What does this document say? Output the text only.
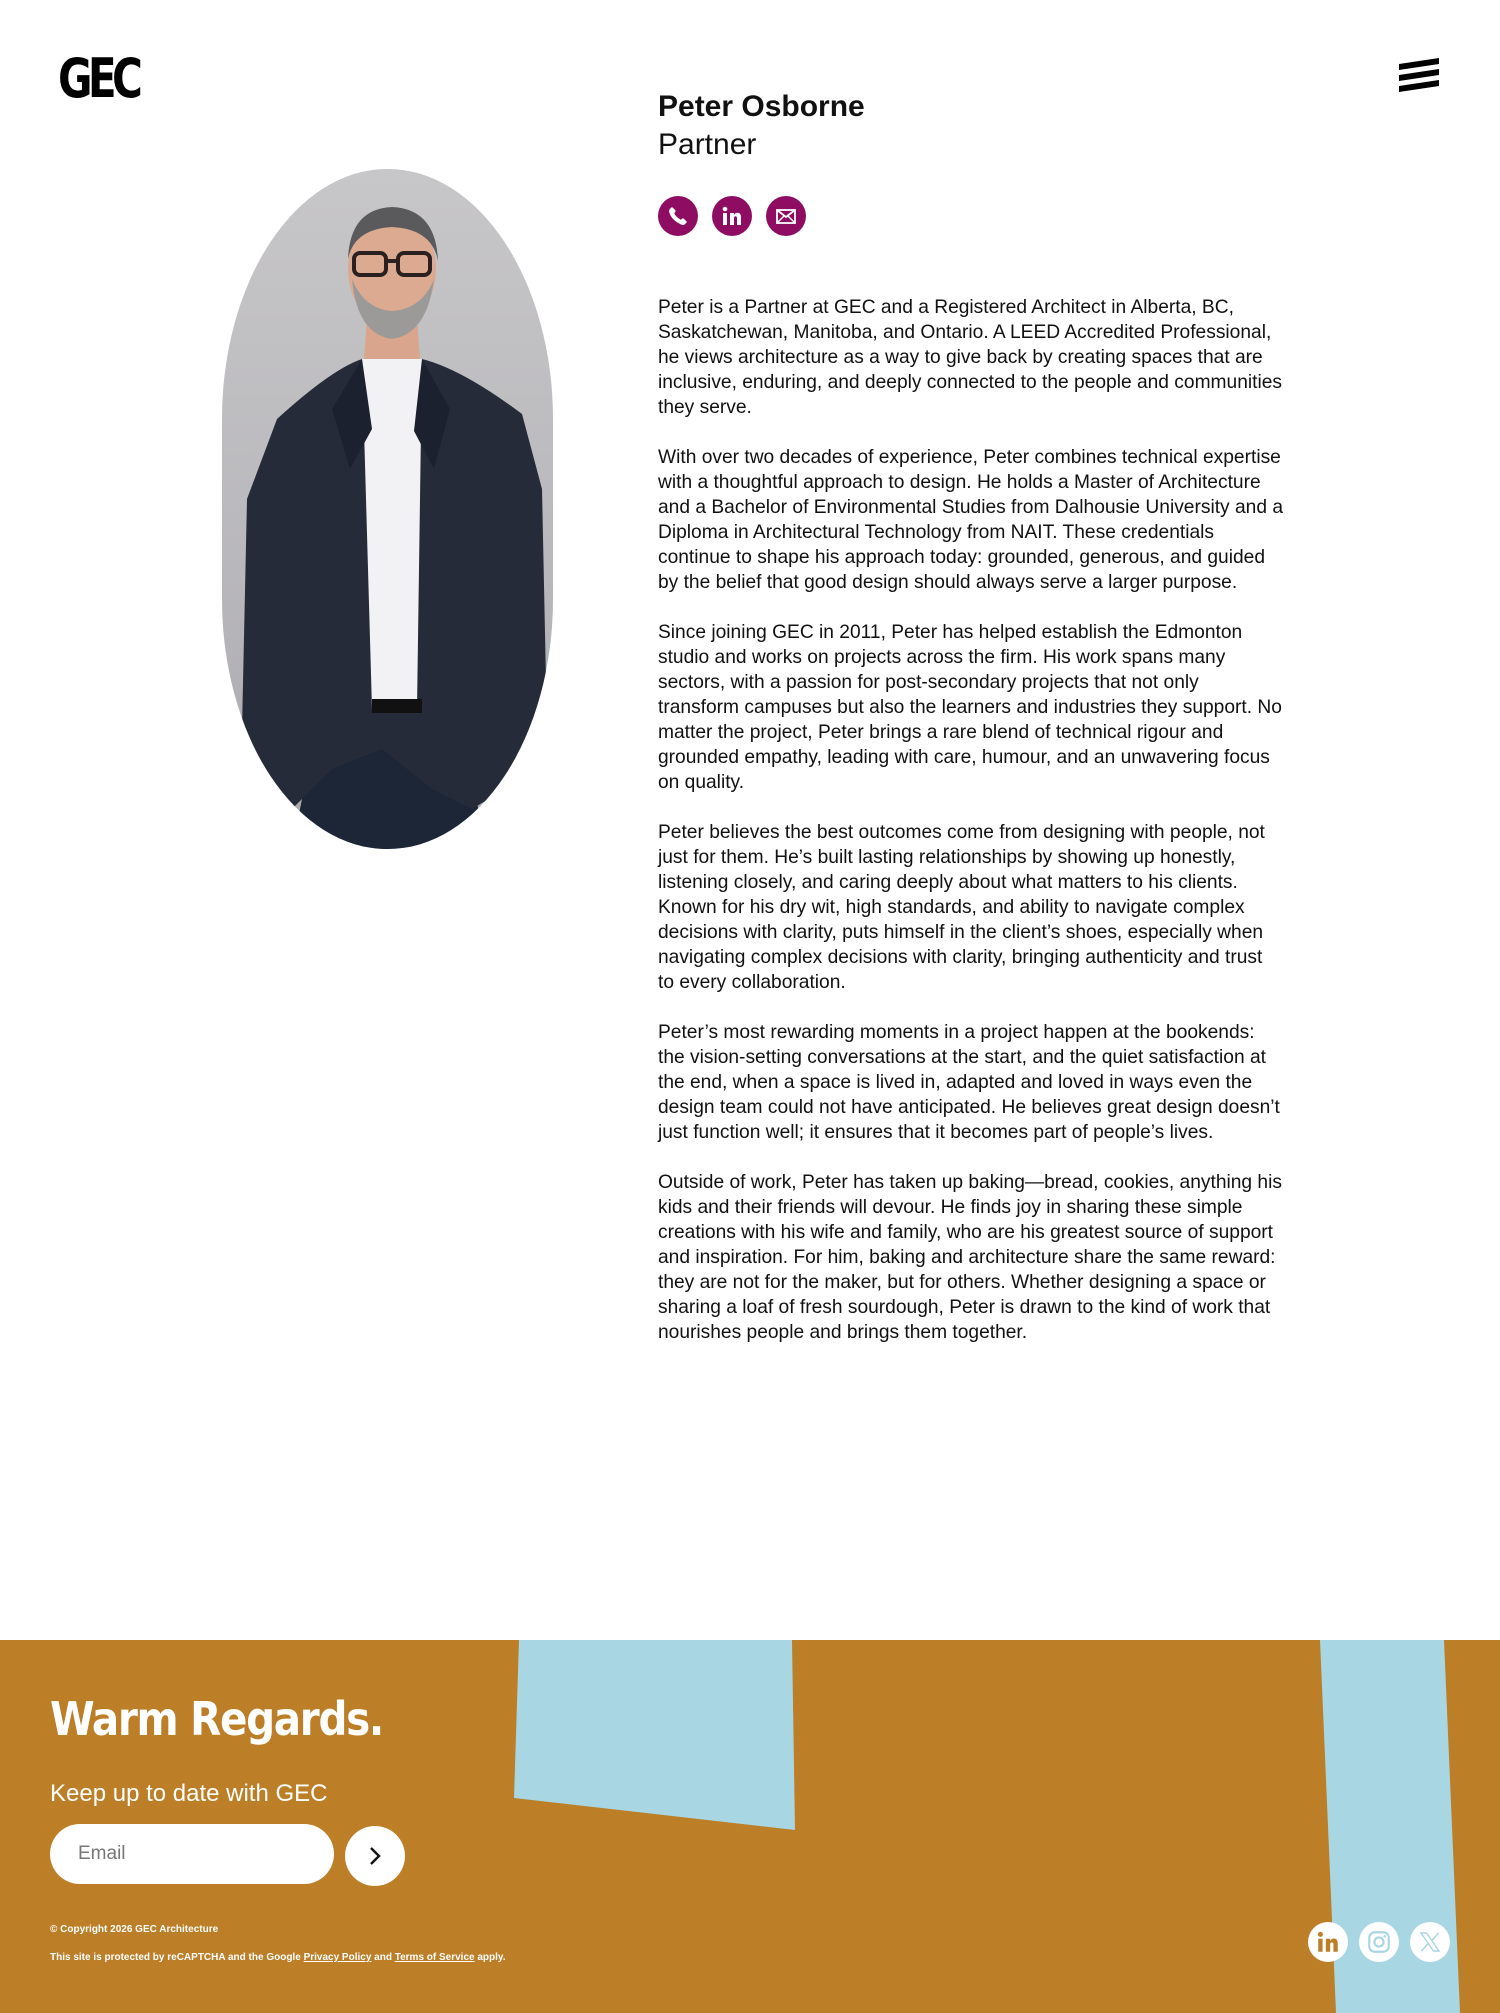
GEC	Peter Osborne
Partner

Peter is a Partner at GEC and a Registered Architect in Alberta, BC, Saskatchewan, Manitoba, and Ontario. A LEED Accredited Professional, he views architecture as a way to give back by creating spaces that are inclusive, enduring, and deeply connected to the people and communities they serve.

With over two decades of experience, Peter combines technical expertise with a thoughtful approach to design. He holds a Master of Architecture and a Bachelor of Environmental Studies from Dalhousie University and a Diploma in Architectural Technology from NAIT. These credentials continue to shape his approach today: grounded, generous, and guided by the belief that good design should always serve a larger purpose.

Since joining GEC in 2011, Peter has helped establish the Edmonton studio and works on projects across the firm. His work spans many sectors, with a passion for post-secondary projects that not only transform campuses but also the learners and industries they support. No matter the project, Peter brings a rare blend of technical rigour and grounded empathy, leading with care, humour, and an unwavering focus on quality.

Peter believes the best outcomes come from designing with people, not just for them. He’s built lasting relationships by showing up honestly, listening closely, and caring deeply about what matters to his clients. Known for his dry wit, high standards, and ability to navigate complex decisions with clarity, puts himself in the client’s shoes, especially when navigating complex decisions with clarity, bringing authenticity and trust to every collaboration.

Peter’s most rewarding moments in a project happen at the bookends: the vision-setting conversations at the start, and the quiet satisfaction at the end, when a space is lived in, adapted and loved in ways even the design team could not have anticipated. He believes great design doesn’t just function well; it ensures that it becomes part of people’s lives.

Outside of work, Peter has taken up baking—bread, cookies, anything his kids and their friends will devour. He finds joy in sharing these simple creations with his wife and family, who are his greatest source of support and inspiration. For him, baking and architecture share the same reward: they are not for the maker, but for others. Whether designing a space or sharing a loaf of fresh sourdough, Peter is drawn to the kind of work that nourishes people and brings them together.

Warm Regards.
Keep up to date with GEC
Email
© Copyright 2026 GEC Architecture
This site is protected by reCAPTCHA and the Google Privacy Policy and Terms of Service apply.
